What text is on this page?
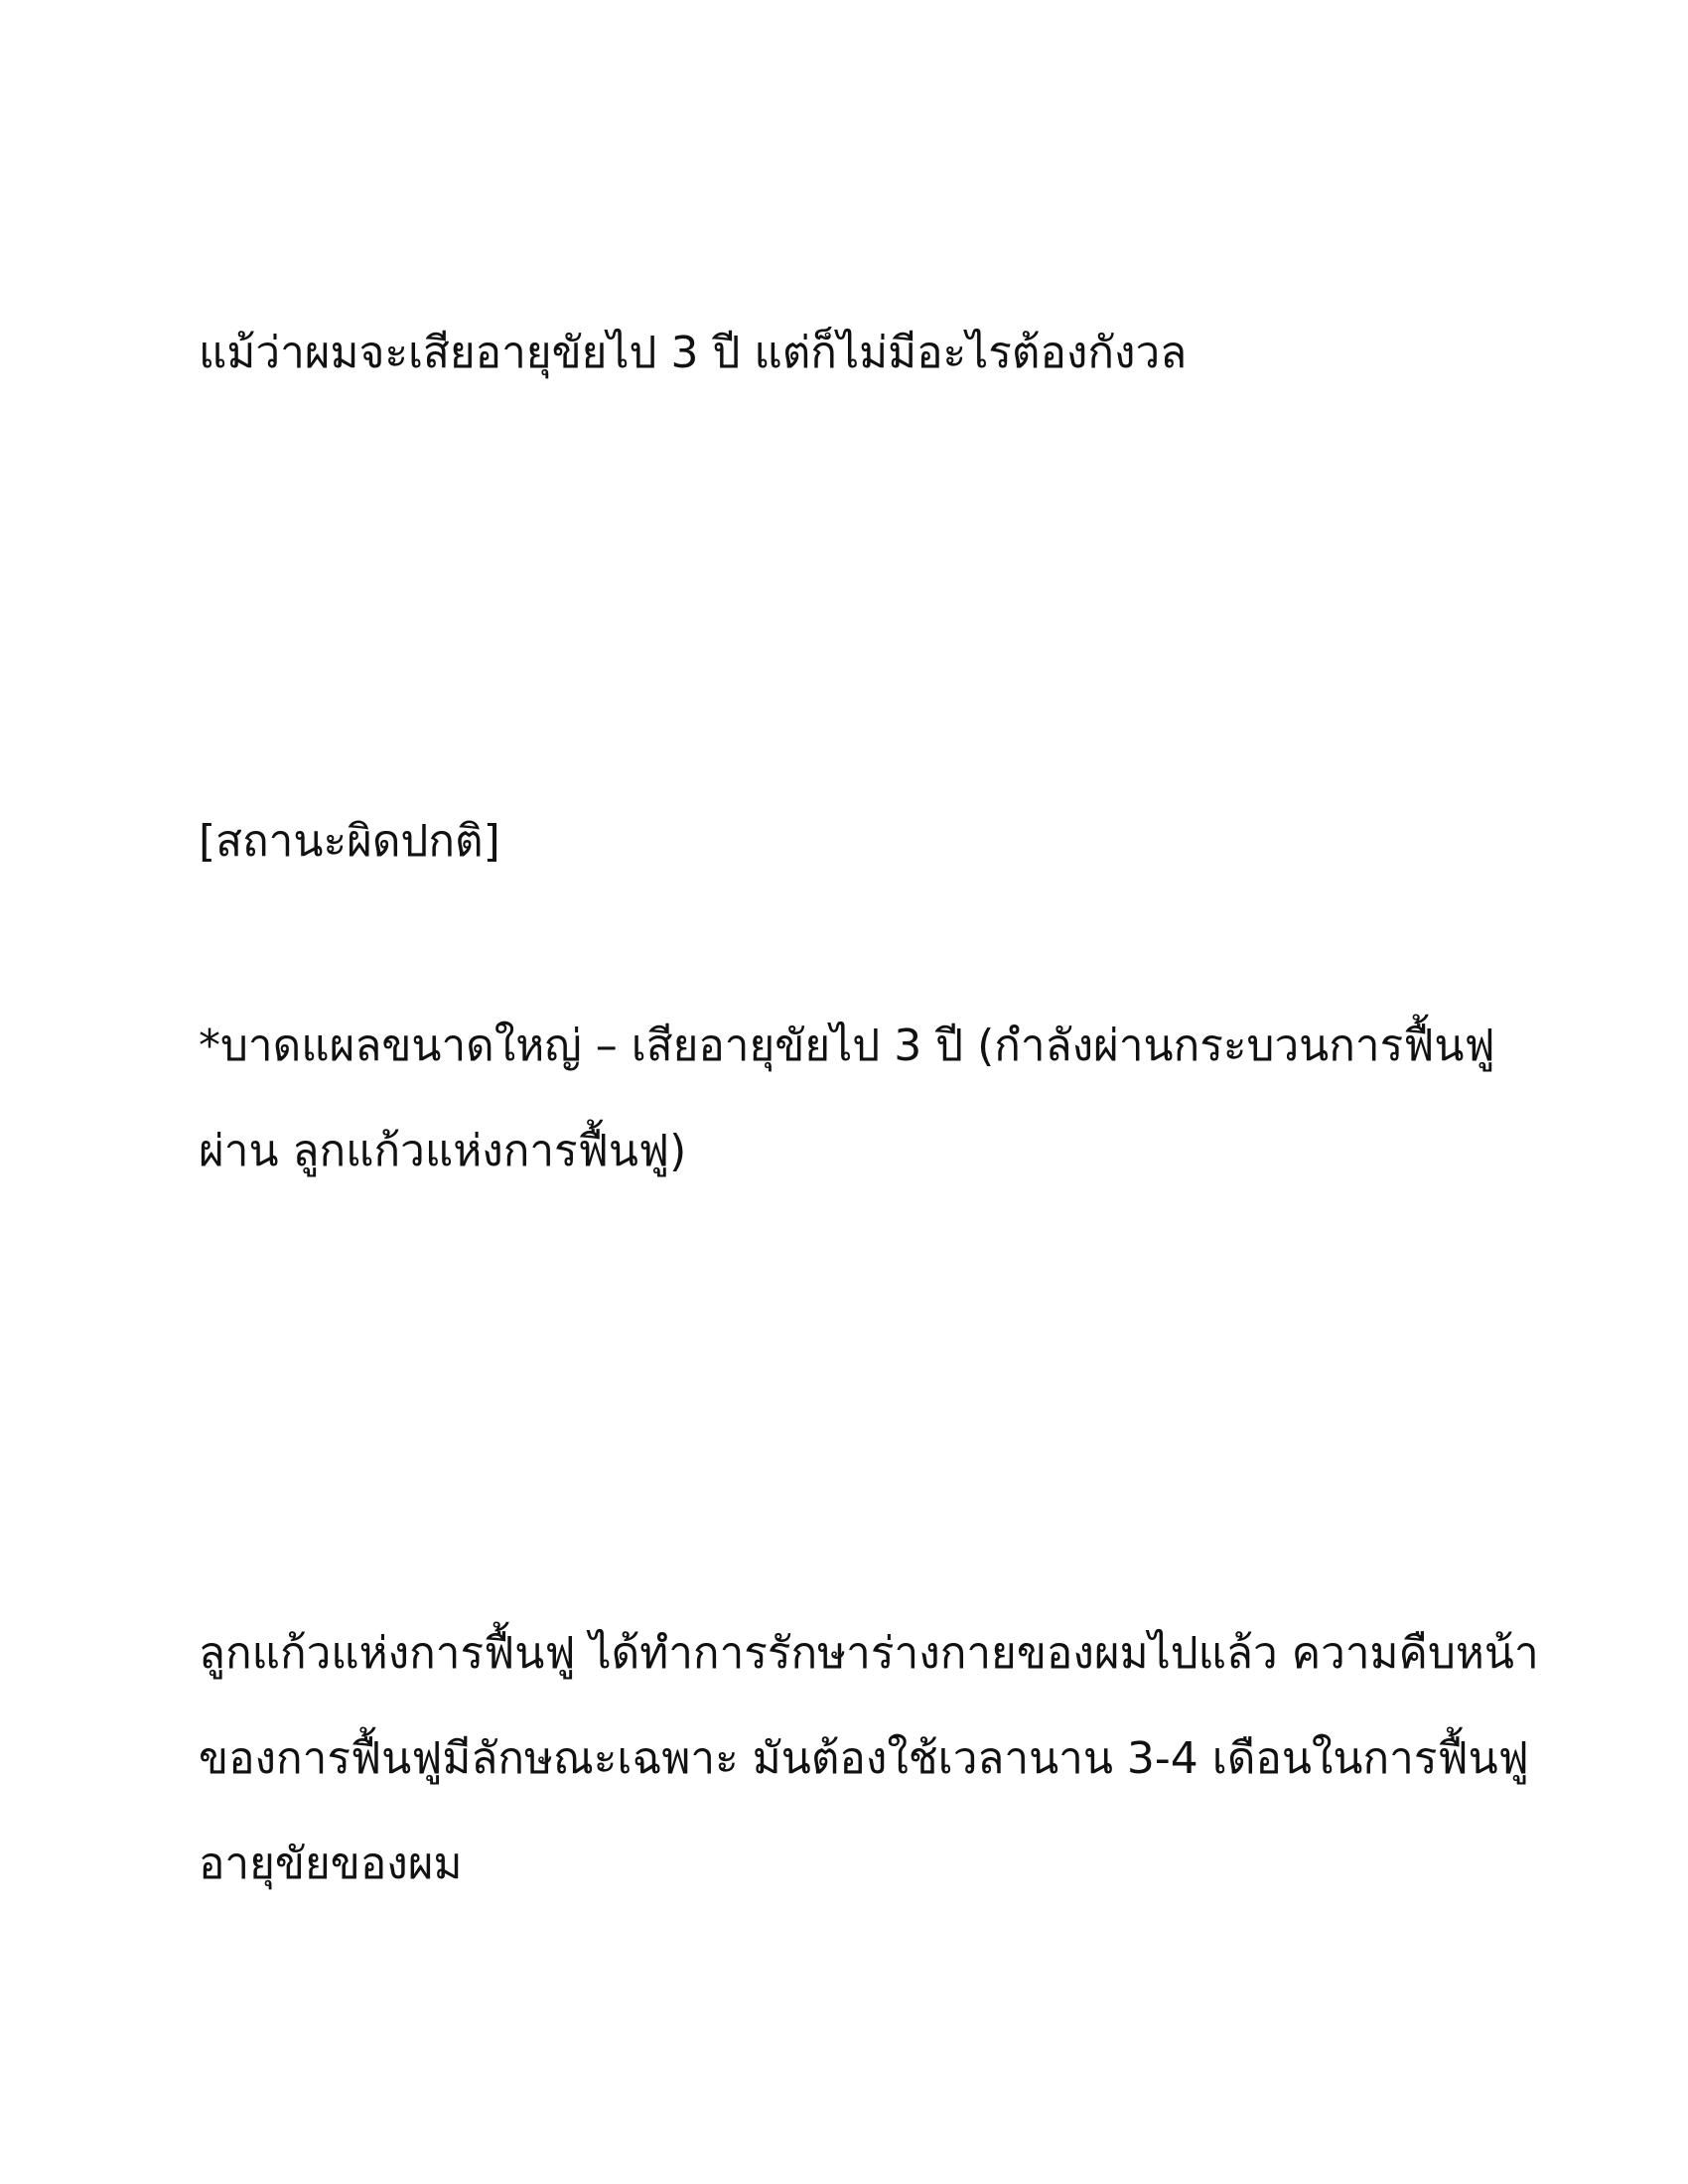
แม้ว่าผมจะเสียอายุขัยไป 3 ปี แต่ก็ไม่มีอะไรต้องกังวล
[สถานะผิดปกติ]
*บาดแผลขนาดใหญ่ – เสียอายุขัยไป 3 ปี (กำลังผ่านกระบวนการฟื้นฟู
ผ่าน ลูกแก้วแห่งการฟื้นฟู)
ลูกแก้วแห่งการฟื้นฟู ได้ทำการรักษาร่างกายของผมไปแล้ว ความคืบหน้า
ของการฟื้นฟูมีลักษณะเฉพาะ มันต้องใช้เวลานาน 3-4 เดือนในการฟื้นฟู
อายุขัยของผม
